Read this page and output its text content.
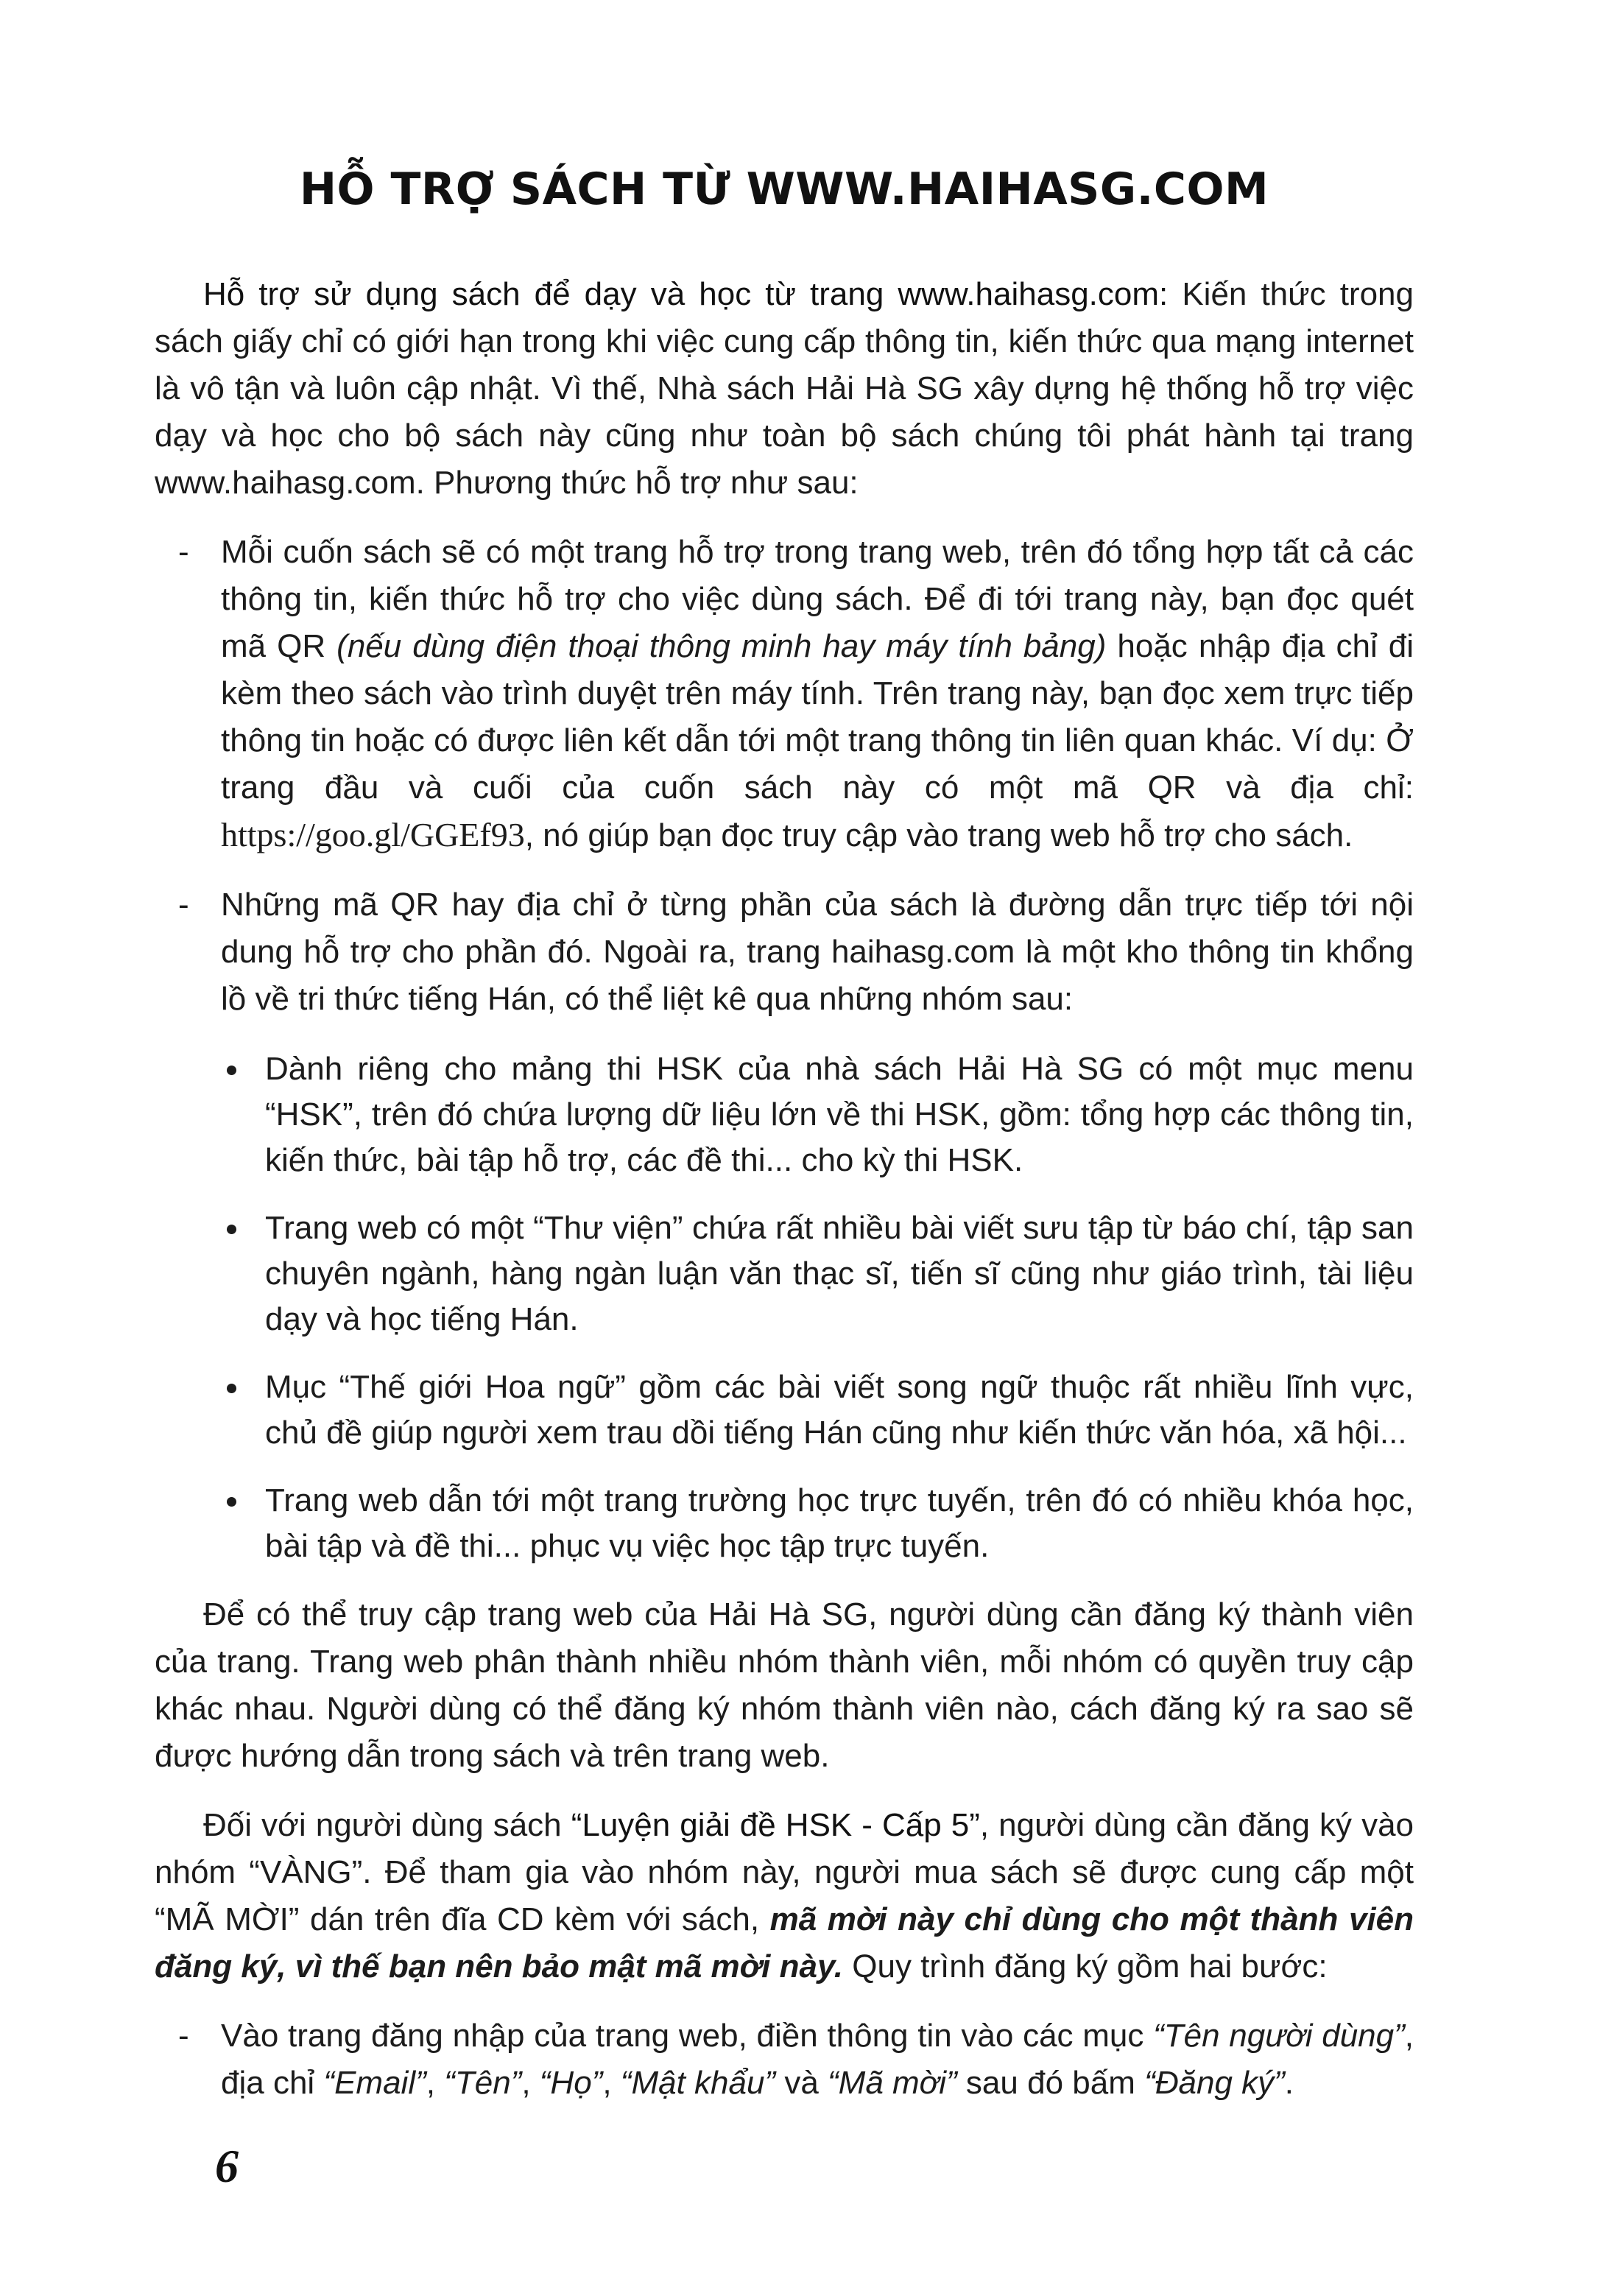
HỖ TRỢ SÁCH TỪ WWW.HAIHASG.COM

Hỗ trợ sử dụng sách để dạy và học từ trang www.haihasg.com: Kiến thức trong sách giấy chỉ có giới hạn trong khi việc cung cấp thông tin, kiến thức qua mạng internet là vô tận và luôn cập nhật. Vì thế, Nhà sách Hải Hà SG xây dựng hệ thống hỗ trợ việc dạy và học cho bộ sách này cũng như toàn bộ sách chúng tôi phát hành tại trang www.haihasg.com. Phương thức hỗ trợ như sau:

- Mỗi cuốn sách sẽ có một trang hỗ trợ trong trang web, trên đó tổng hợp tất cả các thông tin, kiến thức hỗ trợ cho việc dùng sách. Để đi tới trang này, bạn đọc quét mã QR (nếu dùng điện thoại thông minh hay máy tính bảng) hoặc nhập địa chỉ đi kèm theo sách vào trình duyệt trên máy tính. Trên trang này, bạn đọc xem trực tiếp thông tin hoặc có được liên kết dẫn tới một trang thông tin liên quan khác. Ví dụ: Ở trang đầu và cuối của cuốn sách này có một mã QR và địa chỉ: https://goo.gl/GGEf93, nó giúp bạn đọc truy cập vào trang web hỗ trợ cho sách.
- Những mã QR hay địa chỉ ở từng phần của sách là đường dẫn trực tiếp tới nội dung hỗ trợ cho phần đó. Ngoài ra, trang haihasg.com là một kho thông tin khổng lồ về tri thức tiếng Hán, có thể liệt kê qua những nhóm sau:
Dành riêng cho mảng thi HSK của nhà sách Hải Hà SG có một mục menu “HSK”, trên đó chứa lượng dữ liệu lớn về thi HSK, gồm: tổng hợp các thông tin, kiến thức, bài tập hỗ trợ, các đề thi... cho kỳ thi HSK.
Trang web có một “Thư viện” chứa rất nhiều bài viết sưu tập từ báo chí, tập san chuyên ngành, hàng ngàn luận văn thạc sĩ, tiến sĩ cũng như giáo trình, tài liệu dạy và học tiếng Hán.
Mục “Thế giới Hoa ngữ” gồm các bài viết song ngữ thuộc rất nhiều lĩnh vực, chủ đề giúp người xem trau dồi tiếng Hán cũng như kiến thức văn hóa, xã hội...
Trang web dẫn tới một trang trường học trực tuyến, trên đó có nhiều khóa học, bài tập và đề thi... phục vụ việc học tập trực tuyến.

Để có thể truy cập trang web của Hải Hà SG, người dùng cần đăng ký thành viên của trang. Trang web phân thành nhiều nhóm thành viên, mỗi nhóm có quyền truy cập khác nhau. Người dùng có thể đăng ký nhóm thành viên nào, cách đăng ký ra sao sẽ được hướng dẫn trong sách và trên trang web.

Đối với người dùng sách “Luyện giải đề HSK - Cấp 5”, người dùng cần đăng ký vào nhóm “VÀNG”. Để tham gia vào nhóm này, người mua sách sẽ được cung cấp một “MÃ MỜI” dán trên đĩa CD kèm với sách, mã mời này chỉ dùng cho một thành viên đăng ký, vì thế bạn nên bảo mật mã mời này. Quy trình đăng ký gồm hai bước:

- Vào trang đăng nhập của trang web, điền thông tin vào các mục “Tên người dùng”, địa chỉ “Email”, “Tên”, “Họ”, “Mật khẩu” và “Mã mời” sau đó bấm “Đăng ký”.
6
